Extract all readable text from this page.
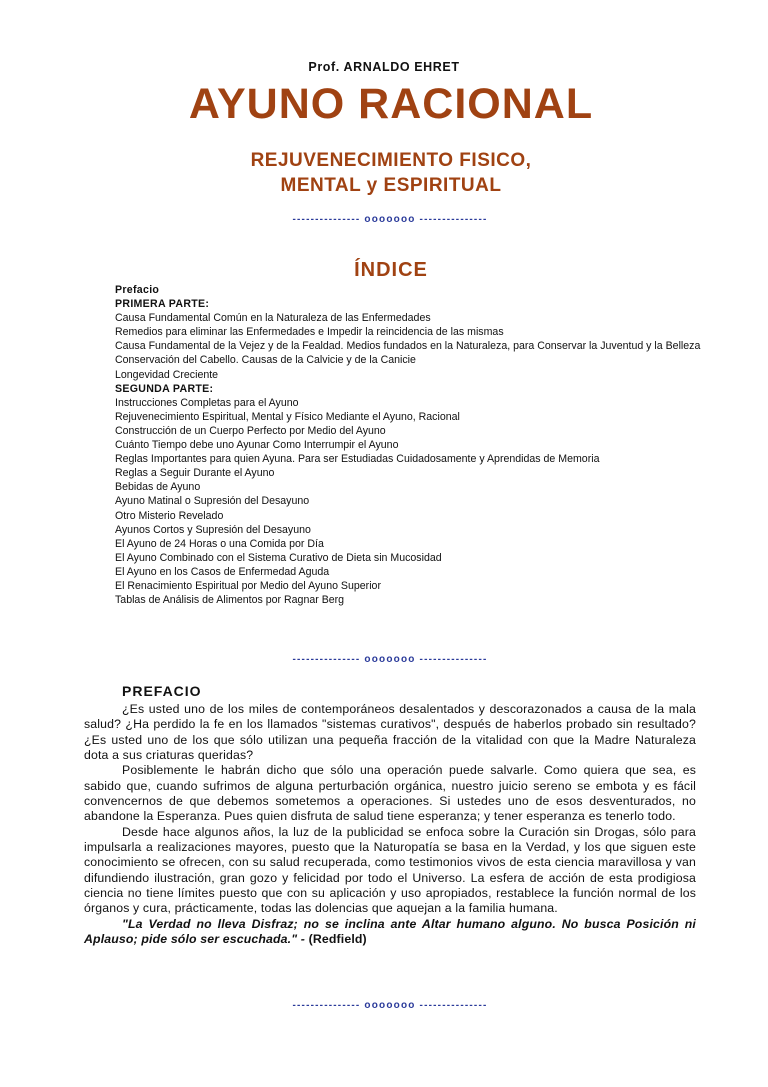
Prof. ARNALDO EHRET
AYUNO RACIONAL
REJUVENECIMIENTO FISICO,
MENTAL y ESPIRITUAL
--------------- ooooooo ---------------
ÍNDICE
Prefacio
PRIMERA PARTE:
Causa Fundamental Común en la Naturaleza de las Enfermedades
Remedios para eliminar las Enfermedades e Impedir la reincidencia de las mismas
Causa Fundamental de la Vejez y de la Fealdad. Medios fundados en la Naturaleza, para Conservar la Juventud y la Belleza
Conservación del Cabello. Causas de la Calvicie y de la Canicie
Longevidad Creciente
SEGUNDA PARTE:
Instrucciones Completas para el Ayuno
Rejuvenecimiento Espiritual, Mental y Físico Mediante el Ayuno, Racional
Construcción de un Cuerpo Perfecto por Medio del Ayuno
Cuánto Tiempo debe uno Ayunar Como Interrumpir el Ayuno
Reglas Importantes para quien Ayuna. Para ser Estudiadas Cuidadosamente y Aprendidas de Memoria
Reglas a Seguir Durante el Ayuno
Bebidas de Ayuno
Ayuno Matinal o Supresión del Desayuno
Otro Misterio Revelado
Ayunos Cortos y Supresión del Desayuno
El Ayuno de 24 Horas o una Comida por Día
El Ayuno Combinado con el Sistema Curativo de Dieta sin Mucosidad
El Ayuno en los Casos de Enfermedad Aguda
El Renacimiento Espiritual por Medio del Ayuno Superior
Tablas de Análisis de Alimentos por Ragnar Berg
--------------- ooooooo ---------------
PREFACIO

¿Es usted uno de los miles de contemporáneos desalentados y descorazonados a causa de la mala salud? ¿Ha perdido la fe en los llamados "sistemas curativos", después de haberlos probado sin resultado? ¿Es usted uno de los que sólo utilizan una pequeña fracción de la vitalidad con que la Madre Naturaleza dota a sus criaturas queridas?

Posiblemente le habrán dicho que sólo una operación puede salvarle. Como quiera que sea, es sabido que, cuando sufrimos de alguna perturbación orgánica, nuestro juicio sereno se embota y es fácil convencernos de que debemos sometemos a operaciones. Si ustedes uno de esos desventurados, no abandone la Esperanza. Pues quien disfruta de salud tiene esperanza; y tener esperanza es tenerlo todo.

Desde hace algunos años, la luz de la publicidad se enfoca sobre la Curación sin Drogas, sólo para impulsarla a realizaciones mayores, puesto que la Naturopatía se basa en la Verdad, y los que siguen este conocimiento se ofrecen, con su salud recuperada, como testimonios vivos de esta ciencia maravillosa y van difundiendo ilustración, gran gozo y felicidad por todo el Universo. La esfera de acción de esta prodigiosa ciencia no tiene límites puesto que con su aplicación y uso apropiados, restablece la función normal de los órganos y cura, prácticamente, todas las dolencias que aquejan a la familia humana.

"La Verdad no lleva Disfraz; no se inclina ante Altar humano alguno. No busca Posición ni Aplauso; pide sólo ser escuchada." - (Redfield)

--------------- ooooooo ---------------
